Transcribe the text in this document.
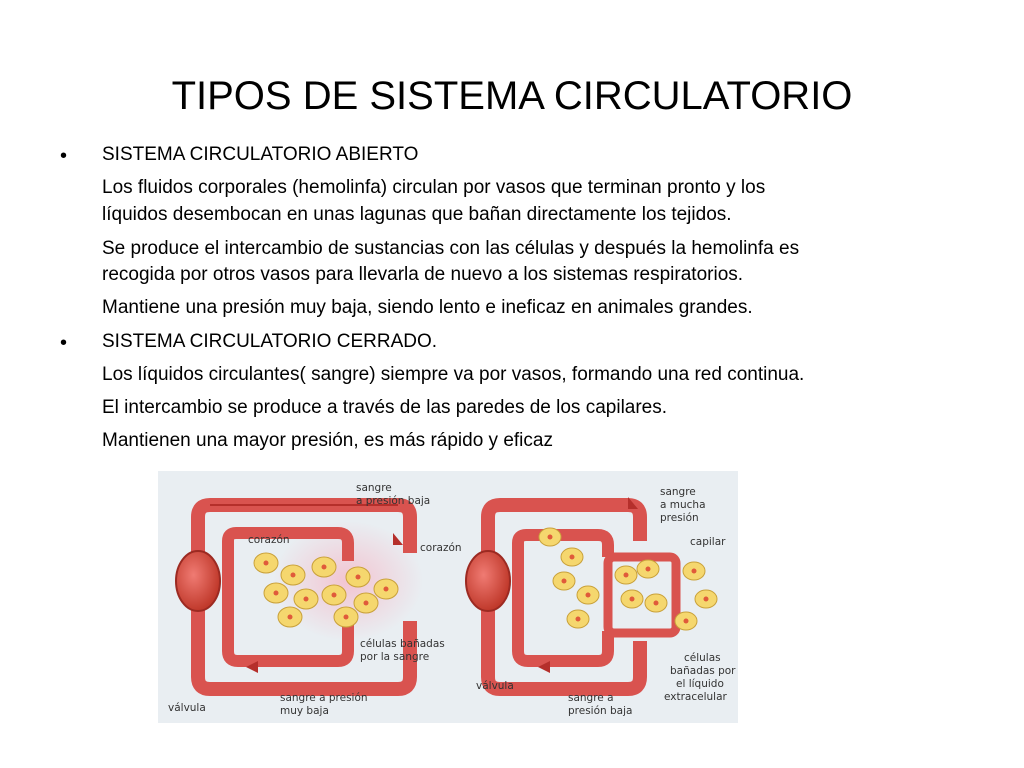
TIPOS DE SISTEMA CIRCULATORIO
• SISTEMA CIRCULATORIO ABIERTO
Los fluidos corporales (hemolinfa) circulan por vasos que terminan pronto y los
líquidos desembocan en unas lagunas que bañan directamente los tejidos.
Se produce el intercambio de sustancias con las células y después la hemolinfa es
recogida por otros vasos para llevarla de nuevo a los sistemas respiratorios.
Mantiene una presión muy baja, siendo lento e ineficaz en animales grandes.
• SISTEMA CIRCULATORIO CERRADO.
Los líquidos circulantes( sangre) siempre va por vasos, formando una red continua.
El intercambio se produce a través de las paredes de los capilares.
Mantienen una mayor presión, es más rápido y eficaz
corazón
sangre
a presión baja
células bañadas
por la sangre
válvula
sangre a presión
muy baja
corazón
sangre
a mucha
presión
capilar
células
bañadas por
el líquido
extracelular
válvula
sangre a
presión baja
